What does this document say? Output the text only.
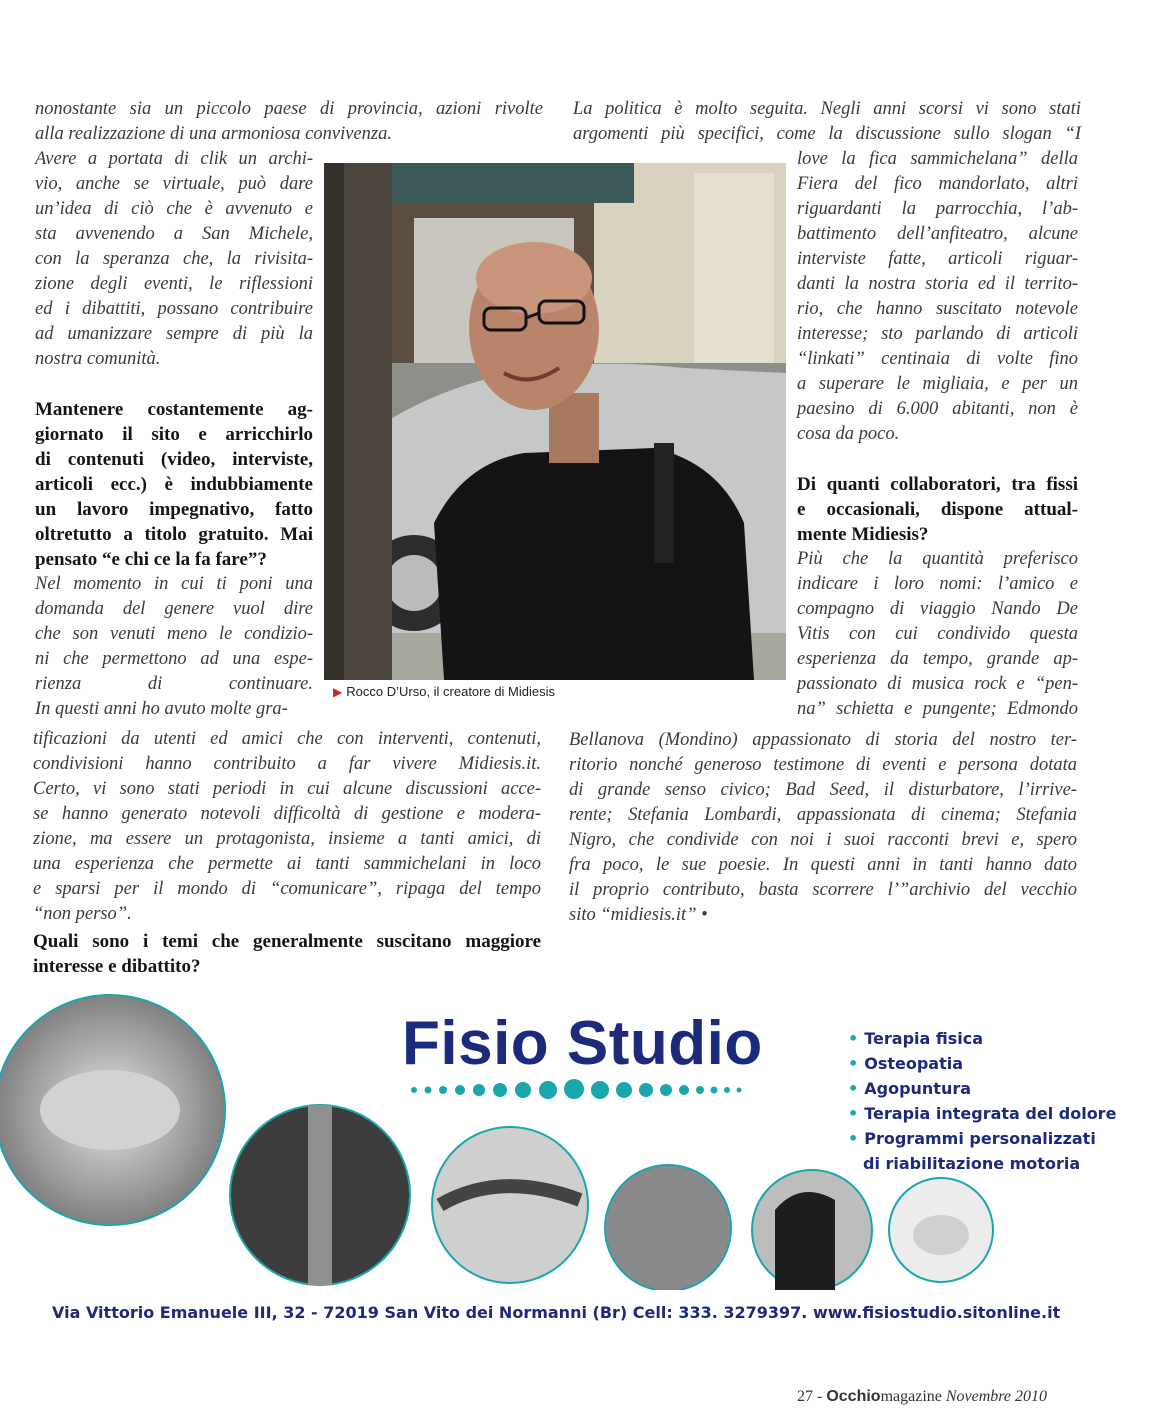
nonostante sia un piccolo paese di provincia, azioni rivolte
alla realizzazione di una armoniosa convivenza.
Avere a portata di clik un archi-
vio, anche se virtuale, può dare
un’idea di ciò che è avvenuto e
sta avvenendo a San Michele,
con la speranza che, la rivisita-
zione degli eventi, le riflessioni
ed i dibattiti, possano contribuire
ad umanizzare sempre di più la
nostra comunità.
Mantenere costantemente ag-
giornato il sito e arricchirlo
di contenuti (video, interviste,
articoli ecc.) è indubbiamente
un lavoro impegnativo, fatto
oltretutto a titolo gratuito. Mai
pensato “e chi ce la fa fare”?
Nel momento in cui ti poni una
domanda del genere vuol dire
che son venuti meno le condizio-
ni che permettono ad una espe-
rienza di continuare.
In questi anni ho avuto molte gra-
tificazioni da utenti ed amici che con interventi, contenuti,
condivisioni hanno contribuito a far vivere Midiesis.it.
Certo, vi sono stati periodi in cui alcune discussioni acce-
se hanno generato notevoli difficoltà di gestione e modera-
zione, ma essere un protagonista, insieme a tanti amici, di
una esperienza che permette ai tanti sammichelani in loco
e sparsi per il mondo di “comunicare”, ripaga del tempo
“non perso”.
Quali sono i temi che generalmente suscitano maggiore
interesse e dibattito?
La politica è molto seguita. Negli anni scorsi vi sono stati
argomenti più specifici, come la discussione sullo slogan “I
love la fica sammichelana” della
Fiera del fico mandorlato, altri
riguardanti la parrocchia, l’ab-
battimento dell’anfiteatro, alcune
interviste fatte, articoli riguar-
danti la nostra storia ed il territo-
rio, che hanno suscitato notevole
interesse; sto parlando di articoli
“linkati” centinaia di volte fino
a superare le migliaia, e per un
paesino di 6.000 abitanti, non è
cosa da poco.
Di quanti collaboratori, tra fissi
e occasionali, dispone attual-
mente Midiesis?
Più che la quantità preferisco
indicare i loro nomi: l’amico e
compagno di viaggio Nando De
Vitis con cui condivido questa
esperienza da tempo, grande ap-
passionato di musica rock e “pen-
na” schietta e pungente; Edmondo
Bellanova (Mondino) appassionato di storia del nostro ter-
ritorio nonché generoso testimone di eventi e persona dotata
di grande senso civico; Bad Seed, il disturbatore, l’irrive-
rente; Stefania Lombardi, appassionata di cinema; Stefania
Nigro, che condivide con noi i suoi racconti brevi e, spero
fra poco, le sue poesie. In questi anni in tanti hanno dato
il proprio contributo, basta scorrere l’”archivio del vecchio
sito “midiesis.it” •
▶ Rocco D’Urso, il creatore di Midiesis
Fisio Studio	• Terapia fisica
• Osteopatia
• Agopuntura
• Terapia integrata del dolore
• Programmi personalizzati
di riabilitazione motoria
Via Vittorio Emanuele III, 32 - 72019 San Vito dei Normanni (Br) Cell: 333. 3279397. www.fisiostudio.sitonline.it
27 - Occhiomagazine Novembre 2010
